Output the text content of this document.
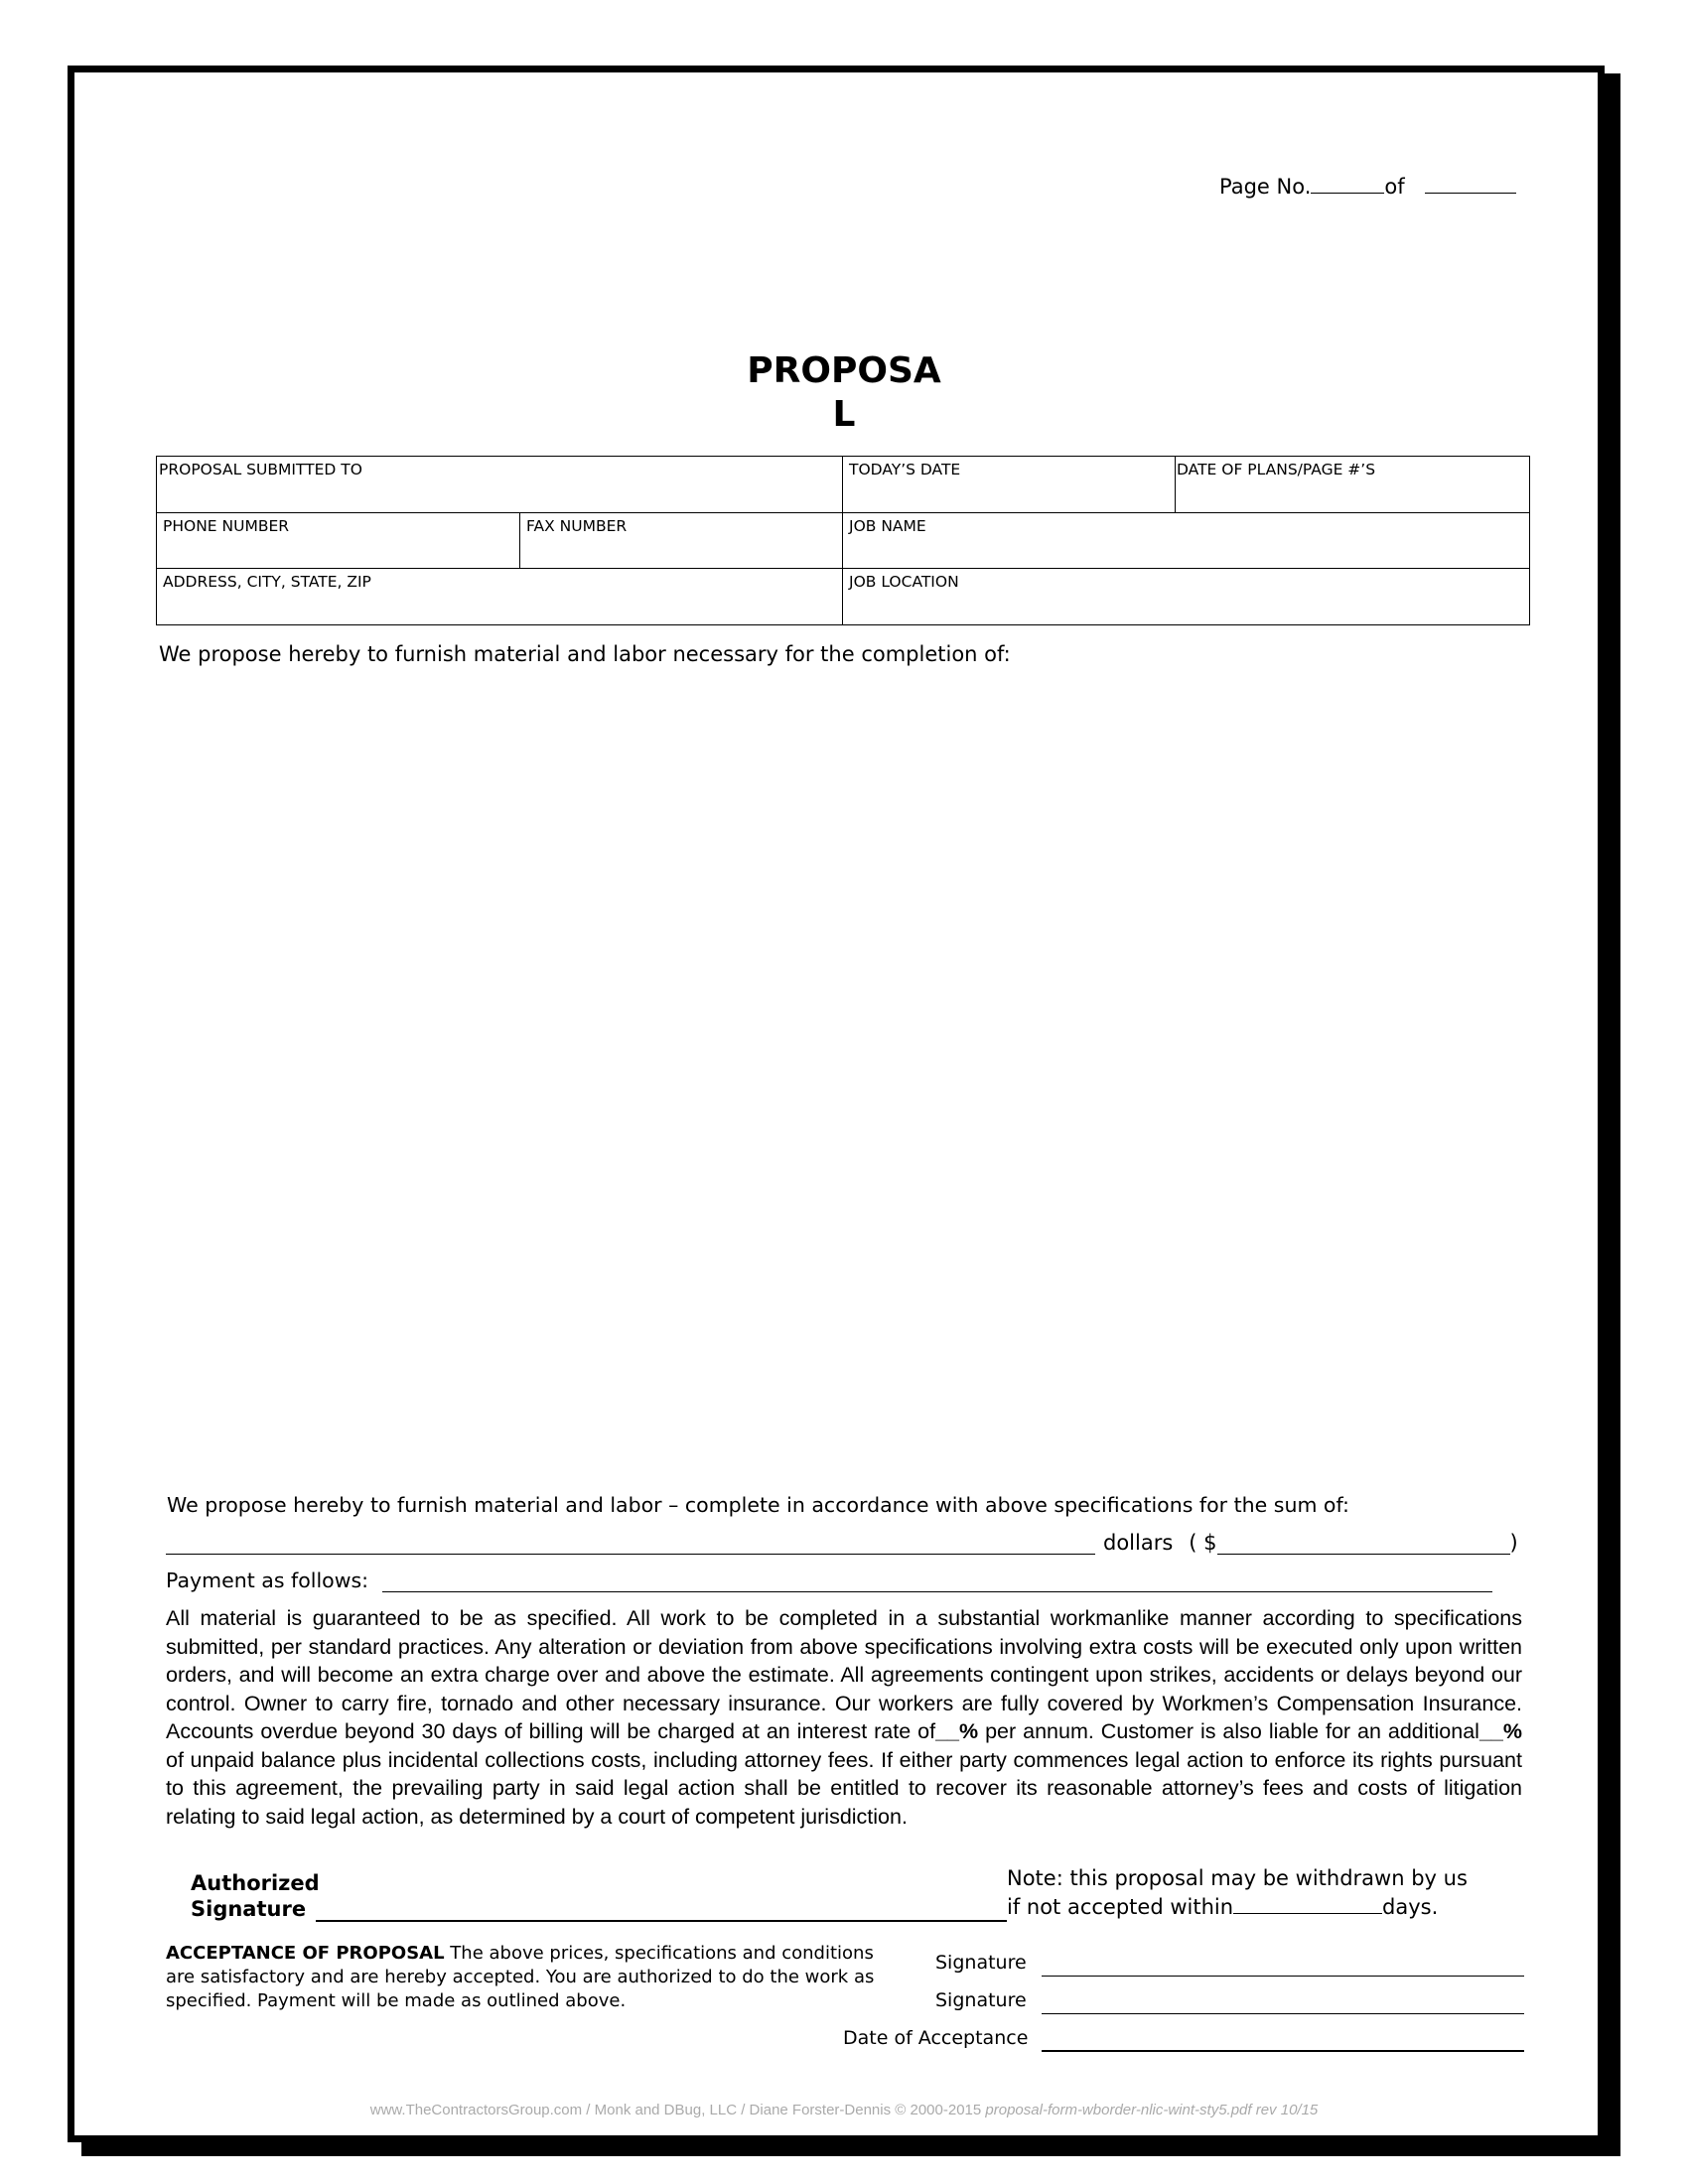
Page No.	of
PROPOSA
L
PROPOSAL SUBMITTED TO		TODAY’S DATE	DATE OF PLANS/PAGE #’S
PHONE NUMBER	FAX NUMBER	JOB NAME	
ADDRESS, CITY, STATE, ZIP		JOB LOCATION	
We propose hereby to furnish material and labor necessary for the completion of:
We propose hereby to furnish material and labor – complete in accordance with above specifications for the sum of:
dollars ( $	)
Payment as follows:

All material is guaranteed to be as specified. All work to be completed in a substantial workmanlike manner according to specifications submitted, per standard practices. Any alteration or deviation from above specifications involving extra costs will be executed only upon written orders, and will become an extra charge over and above the estimate. All agreements contingent upon strikes, accidents or delays beyond our control. Owner to carry fire, tornado and other necessary insurance. Our workers are fully covered by Workmen’s Compensation Insurance. Accounts overdue beyond 30 days of billing will be charged at an interest rate of__% per annum. Customer is also liable for an additional__% of unpaid balance plus incidental collections costs, including attorney fees. If either party commences legal action to enforce its rights pursuant to this agreement, the prevailing party in said legal action shall be entitled to recover its reasonable attorney’s fees and costs of litigation relating to said legal action, as determined by a court of competent jurisdiction.

Authorized
Signature
Note: this proposal may be withdrawn by us
if not accepted within	days.
ACCEPTANCE OF PROPOSAL The above prices, specifications and conditions are satisfactory and are hereby accepted. You are authorized to do the work as specified. Payment will be made as outlined above.
Signature
Signature
Date of Acceptance
www.TheContractorsGroup.com / Monk and DBug, LLC / Diane Forster-Dennis © 2000-2015 proposal-form-wborder-nlic-wint-sty5.pdf rev 10/15
